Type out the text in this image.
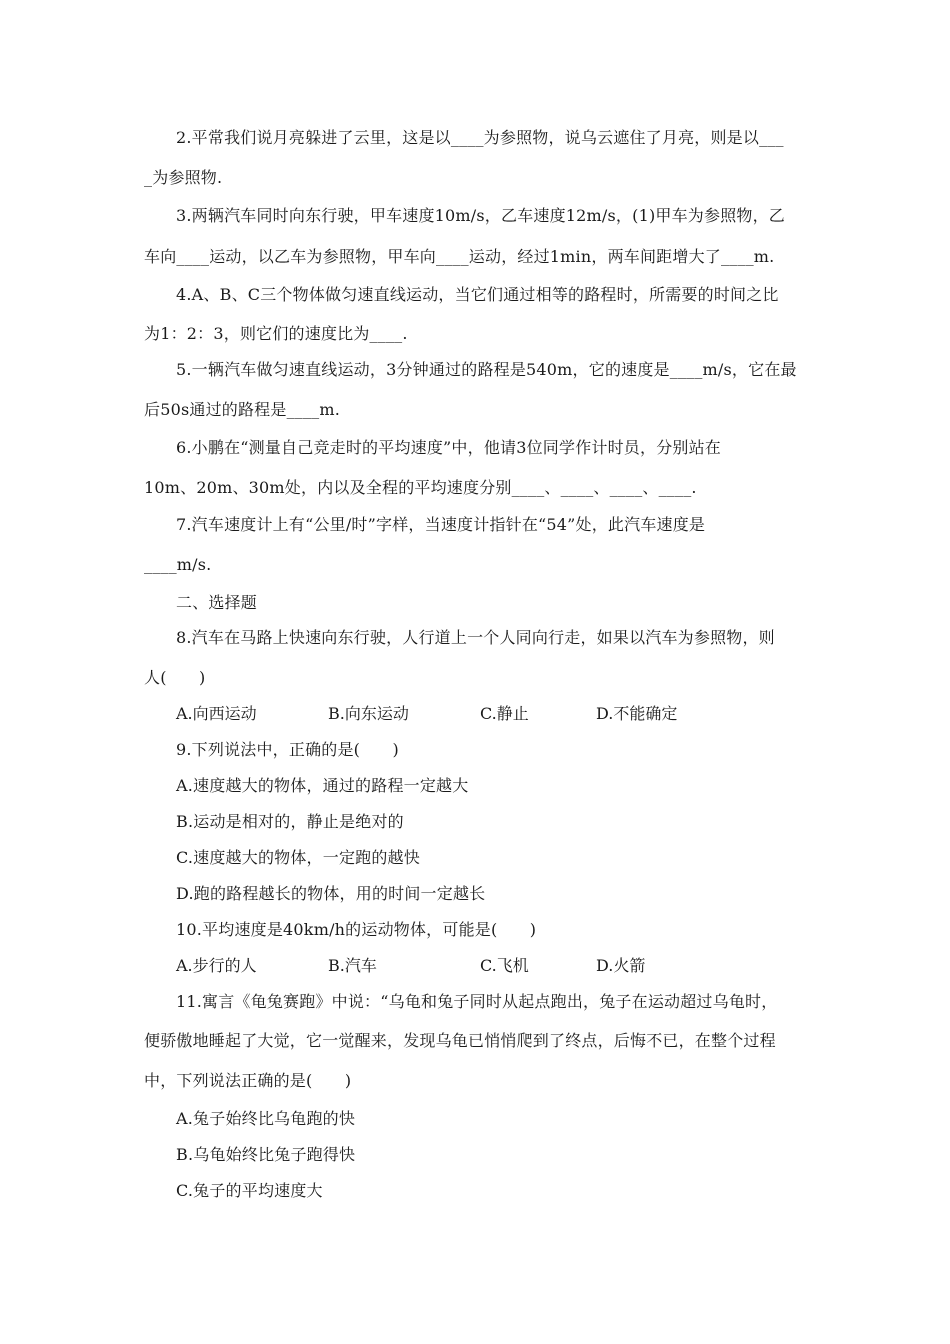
2.平常我们说月亮躲进了云里，这是以____为参照物，说乌云遮住了月亮，则是以___
_为参照物.
3.两辆汽车同时向东行驶，甲车速度10m/s，乙车速度12m/s，(1)甲车为参照物，乙
车向____运动，以乙车为参照物，甲车向____运动，经过1min，两车间距增大了____m.
4.A、B、C三个物体做匀速直线运动，当它们通过相等的路程时，所需要的时间之比
为1：2：3，则它们的速度比为____.
5.一辆汽车做匀速直线运动，3分钟通过的路程是540m，它的速度是____m/s，它在最
后50s通过的路程是____m.
6.小鹏在“测量自己竞走时的平均速度”中，他请3位同学作计时员，分别站在
10m、20m、30m处，内以及全程的平均速度分别____、____、____、____.
7.汽车速度计上有“公里/时”字样，当速度计指针在“54”处，此汽车速度是
____m/s.
二、选择题
8.汽车在马路上快速向东行驶，人行道上一个人同向行走，如果以汽车为参照物，则
人(　　)
A.向西运动	B.向东运动	C.静止	D.不能确定
9.下列说法中，正确的是(　　)
A.速度越大的物体，通过的路程一定越大
B.运动是相对的，静止是绝对的
C.速度越大的物体，一定跑的越快
D.跑的路程越长的物体，用的时间一定越长
10.平均速度是40km/h的运动物体，可能是(　　)
A.步行的人	B.汽车	C.飞机	D.火箭
11.寓言《龟兔赛跑》中说：“乌龟和兔子同时从起点跑出，兔子在运动超过乌龟时，
便骄傲地睡起了大觉，它一觉醒来，发现乌龟已悄悄爬到了终点，后悔不已，在整个过程
中，下列说法正确的是(　　)
A.兔子始终比乌龟跑的快
B.乌龟始终比兔子跑得快
C.兔子的平均速度大
